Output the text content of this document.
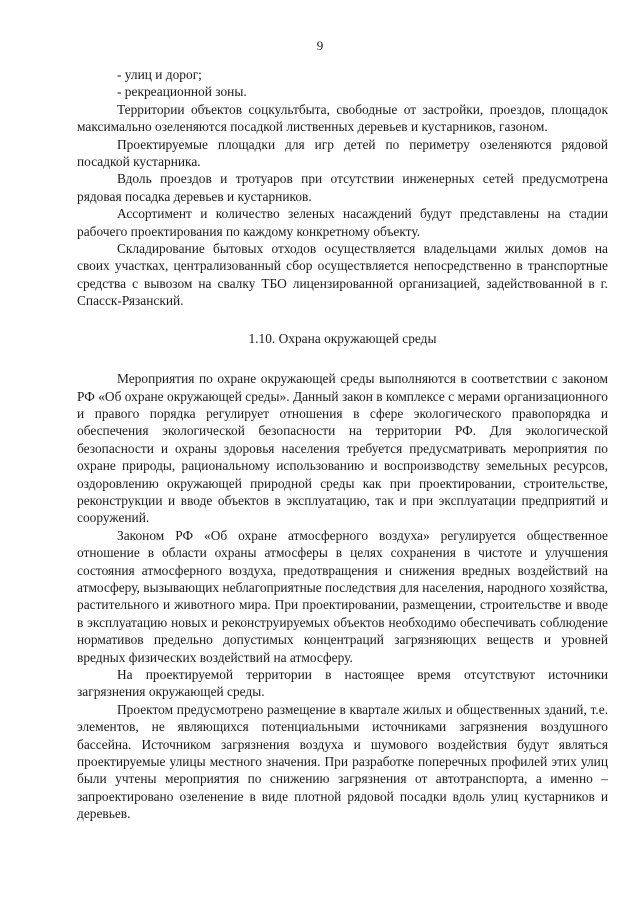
9

- улиц и дорог;

- рекреационной зоны.

Территории объектов соцкультбыта, свободные от застройки, проездов, площадок максимально озеленяются посадкой лиственных деревьев и кустарников, газоном.

Проектируемые площадки для игр детей по периметру озеленяются рядовой посадкой кустарника.

Вдоль проездов и тротуаров при отсутствии инженерных сетей предусмотрена рядовая посадка деревьев и кустарников.

Ассортимент и количество зеленых насаждений будут представлены на стадии рабочего проектирования по каждому конкретному объекту.

Складирование бытовых отходов осуществляется владельцами жилых домов на своих участках, централизованный сбор осуществляется непосредственно в транспортные средства с вывозом на свалку ТБО лицензированной организацией, задействованной в г. Спасск-Рязанский.

1.10. Охрана окружающей среды

Мероприятия по охране окружающей среды выполняются в соответствии с законом РФ «Об охране окружающей среды». Данный закон в комплексе с мерами организационного и правого порядка регулирует отношения в сфере экологического правопорядка и обеспечения экологической безопасности на территории РФ. Для экологической безопасности и охраны здоровья населения требуется предусматривать мероприятия по охране природы, рациональному использованию и воспроизводству земельных ресурсов, оздоровлению окружающей природной среды как при проектировании, строительстве, реконструкции и вводе объектов в эксплуатацию, так и при эксплуатации предприятий и сооружений.

Законом РФ «Об охране атмосферного воздуха» регулируется общественное отношение в области охраны атмосферы в целях сохранения в чистоте и улучшения состояния атмосферного воздуха, предотвращения и снижения вредных воздействий на атмосферу, вызывающих неблагоприятные последствия для населения, народного хозяйства, растительного и животного мира. При проектировании, размещении, строительстве и вводе в эксплуатацию новых и реконструируемых объектов необходимо обеспечивать соблюдение нормативов предельно допустимых концентраций загрязняющих веществ и уровней вредных физических воздействий на атмосферу.

На проектируемой территории в настоящее время отсутствуют источники загрязнения окружающей среды.

Проектом предусмотрено размещение в квартале жилых и общественных зданий, т.е. элементов, не являющихся потенциальными источниками загрязнения воздушного бассейна. Источником загрязнения воздуха и шумового воздействия будут являться проектируемые улицы местного значения. При разработке поперечных профилей этих улиц были учтены мероприятия по снижению загрязнения от автотранспорта, а именно – запроектировано озеленение в виде плотной рядовой посадки вдоль улиц кустарников и деревьев.
